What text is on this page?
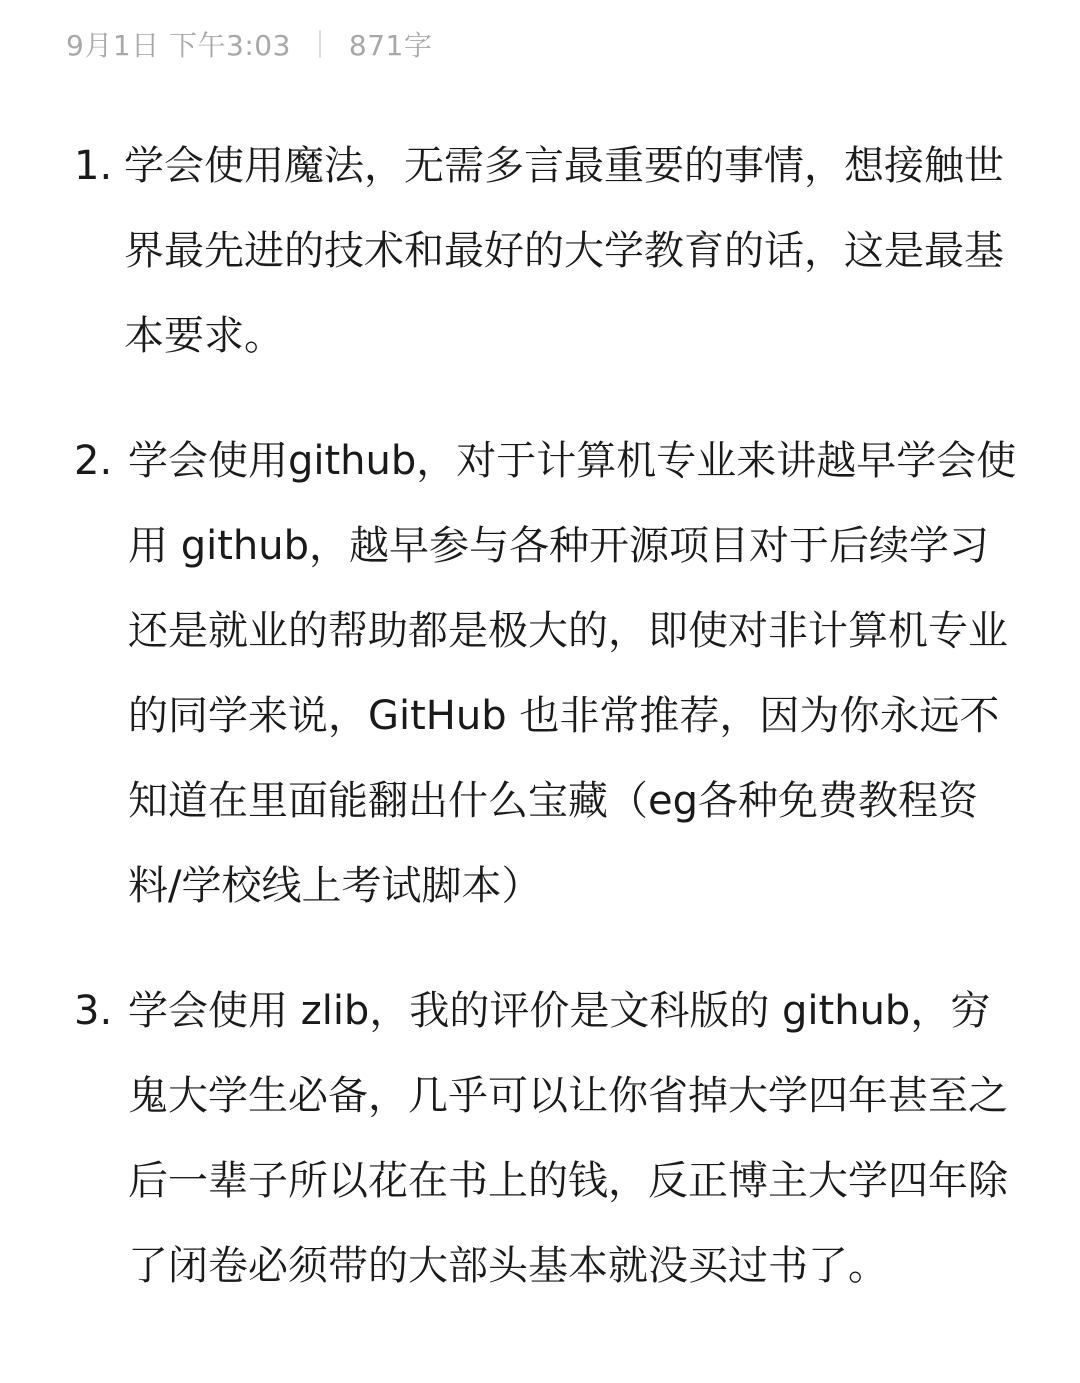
9月1日 下午3:03 871字
1. 学会使用魔法，无需多言最重要的事情，想接触世界最先进的技术和最好的大学教育的话，这是最基本要求。
2. 学会使用github，对于计算机专业来讲越早学会使用 github，越早参与各种开源项目对于后续学习还是就业的帮助都是极大的，即使对非计算机专业的同学来说，GitHub 也非常推荐，因为你永远不知道在里面能翻出什么宝藏（eg各种免费教程资料/学校线上考试脚本）
3. 学会使用 zlib，我的评价是文科版的 github，穷鬼大学生必备，几乎可以让你省掉大学四年甚至之后一辈子所以花在书上的钱，反正博主大学四年除了闭卷必须带的大部头基本就没买过书了。
